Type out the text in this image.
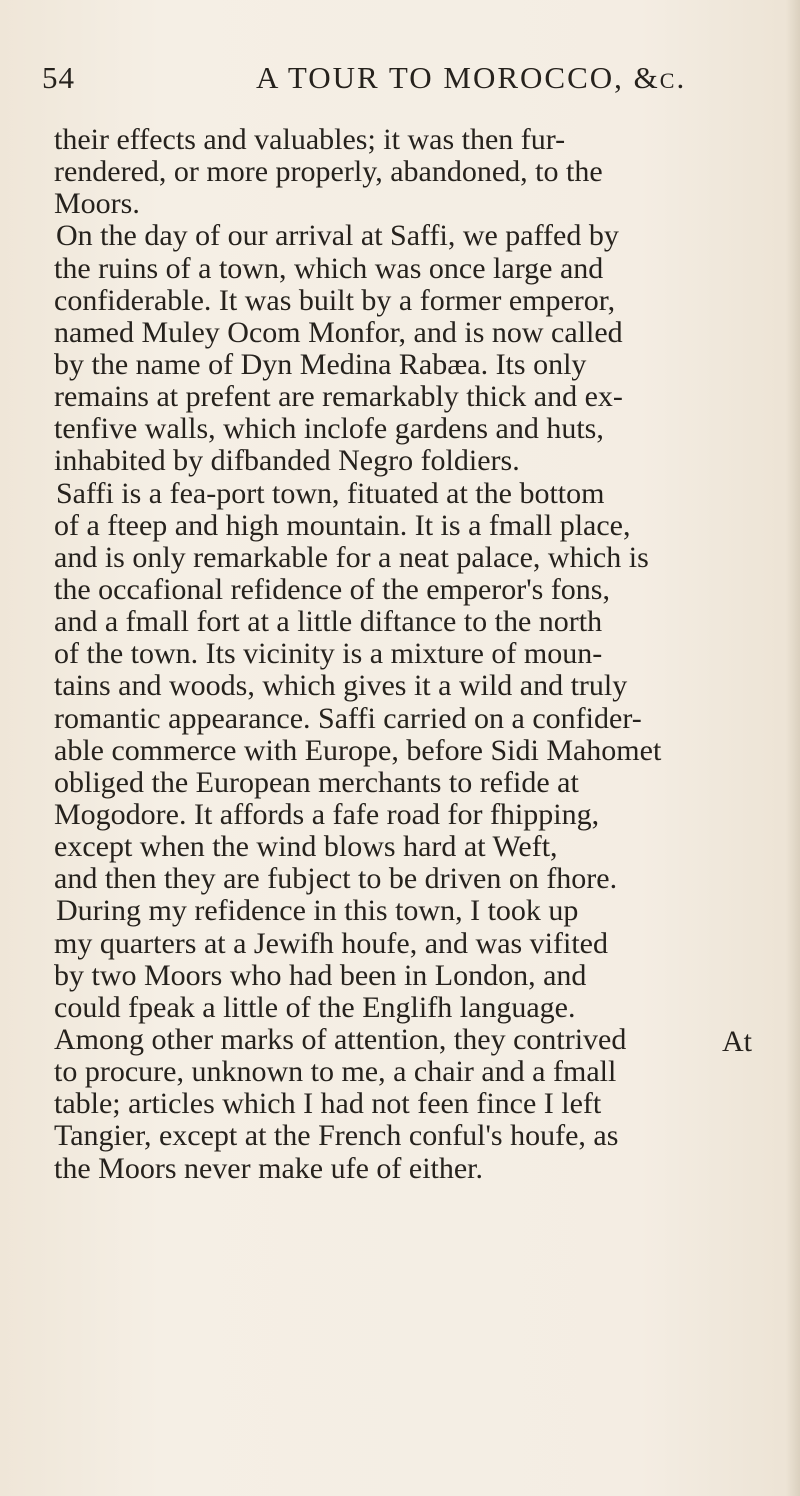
54	A TOUR TO MOROCCO, &c.
their effects and valuables; it was then fur-
rendered, or more properly, abandoned, to the
Moors.
On the day of our arrival at Saffi, we paffed by
the ruins of a town, which was once large and
confiderable. It was built by a former emperor,
named Muley Ocom Monfor, and is now called
by the name of Dyn Medina Rabæa. Its only
remains at prefent are remarkably thick and ex-
tenfive walls, which inclofe gardens and huts,
inhabited by difbanded Negro foldiers.
Saffi is a fea-port town, fituated at the bottom
of a fteep and high mountain. It is a fmall place,
and is only remarkable for a neat palace, which is
the occafional refidence of the emperor's fons,
and a fmall fort at a little diftance to the north
of the town. Its vicinity is a mixture of moun-
tains and woods, which gives it a wild and truly
romantic appearance. Saffi carried on a confider-
able commerce with Europe, before Sidi Mahomet
obliged the European merchants to refide at
Mogodore. It affords a fafe road for fhipping,
except when the wind blows hard at Weft,
and then they are fubject to be driven on fhore.
During my refidence in this town, I took up
my quarters at a Jewifh houfe, and was vifited
by two Moors who had been in London, and
could fpeak a little of the Englifh language.
Among other marks of attention, they contrived
to procure, unknown to me, a chair and a fmall
table; articles which I had not feen fince I left
Tangier, except at the French conful's houfe, as
the Moors never make ufe of either.
At
